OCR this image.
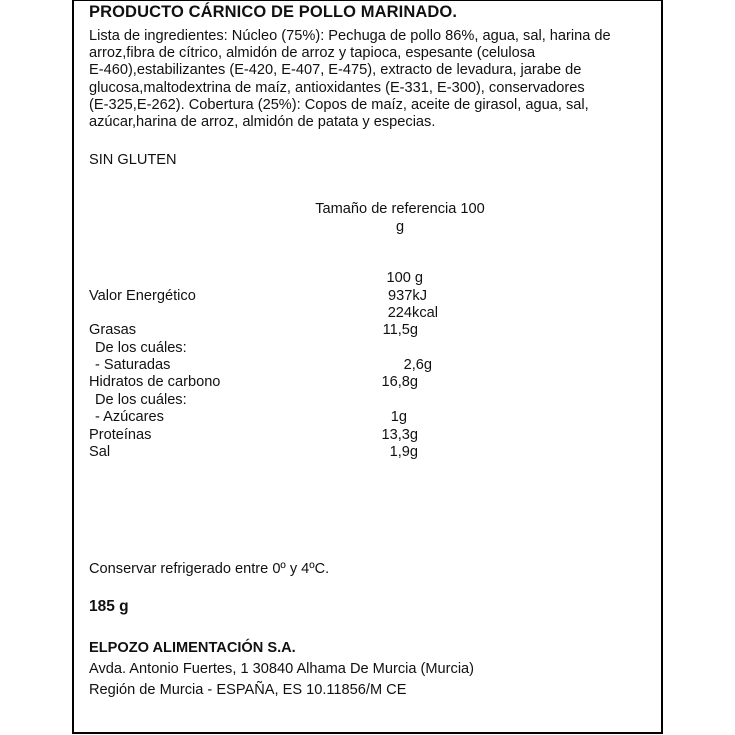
PRODUCTO CÁRNICO DE POLLO MARINADO.
Lista de ingredientes: Núcleo (75%): Pechuga de pollo 86%, agua, sal, harina de
arroz,fibra de cítrico, almidón de arroz y tapioca, espesante (celulosa
E-460),estabilizantes (E-420, E-407, E-475), extracto de levadura, jarabe de
glucosa,maltodextrina de maíz, antioxidantes (E-331, E-300), conservadores
(E-325,E-262). Cobertura (25%): Copos de maíz, aceite de girasol, agua, sal,
azúcar,harina de arroz, almidón de patata y especias.
SIN GLUTEN
Tamaño de referencia 100
g
100 g
Valor Energético	937kJ
224kcal
Grasas	11,5g
De los cuáles:
- Saturadas	2,6g
Hidratos de carbono	16,8g
De los cuáles:
- Azúcares	1g
Proteínas	13,3g
Sal	1,9g
Conservar refrigerado entre 0º y 4ºC.
185 g
ELPOZO ALIMENTACIÓN S.A.
Avda. Antonio Fuertes, 1 30840 Alhama De Murcia (Murcia)
Región de Murcia - ESPAÑA, ES 10.11856/M CE
